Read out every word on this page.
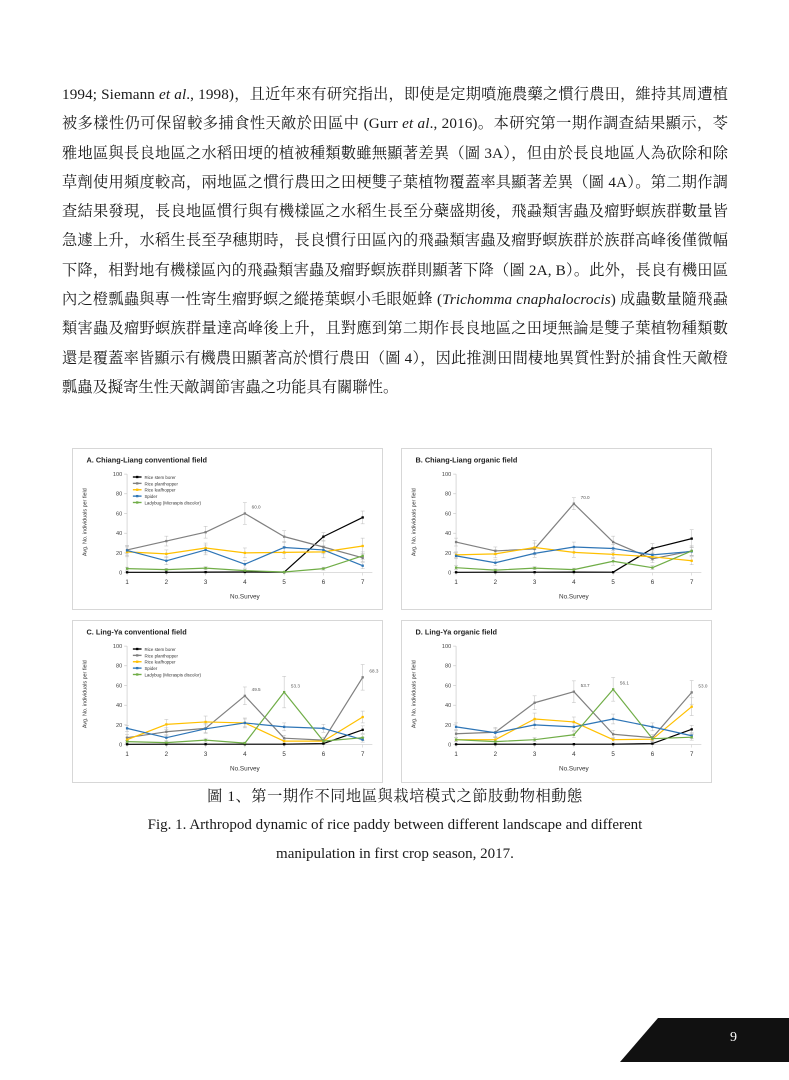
1994; Siemann et al., 1998)，且近年來有研究指出，即使是定期噴施農藥之慣行農田，維持其周遭植被多樣性仍可保留較多捕食性天敵於田區中 (Gurr et al., 2016)。本研究第一期作調查結果顯示，苓雅地區與長良地區之水稻田埂的植被種類數雖無顯著差異（圖 3A），但由於長良地區人為砍除和除草劑使用頻度較高，兩地區之慣行農田之田梗雙子葉植物覆蓋率具顯著差異（圖 4A）。第二期作調查結果發現，長良地區慣行與有機樣區之水稻生長至分蘗盛期後，飛蝨類害蟲及瘤野螟族群數量皆急遽上升，水稻生長至孕穗期時，長良慣行田區內的飛蝨類害蟲及瘤野螟族群於族群高峰後僅微幅下降，相對地有機樣區內的飛蝨類害蟲及瘤野螟族群則顯著下降（圖 2A, B）。此外，長良有機田區內之橙瓢蟲與專一性寄生瘤野螟之縱捲葉螟小毛眼姬蜂 (Trichomma cnaphalocrocis) 成蟲數量隨飛蝨類害蟲及瘤野螟族群量達高峰後上升，且對應到第二期作長良地區之田埂無論是雙子葉植物種類數還是覆蓋率皆顯示有機農田顯著高於慣行農田（圖 4），因此推測田間棲地異質性對於捕食性天敵橙瓢蟲及擬寄生性天敵調節害蟲之功能具有關聯性。

A. Chiang-Liang conventional field
Avg. No. individuals per field
0
20
40
60
80
100
1	2	3	4	5	6	7
No.Survey
60.0
Rice stem borer
Rice planthopper
Rice leafhopper
Spider
Ladybug (Micraspis discolor)
B. Chiang-Liang organic field
Avg. No. individuals per field
0
20
40
60
80
100
1	2	3	4	5	6	7
No.Survey
70.0
C. Ling-Ya conventional field
Avg. No. individuals per field
0
20
40
60
80
100
1	2	3	4	5	6	7
No.Survey
49.5
53.3
68.3
Rice stem borer
Rice planthopper
Rice leafhopper
Spider
Ladybug (Micraspis discolor)
D. Ling-Ya organic field
Avg. No. individuals per field
0
20
40
60
80
100
1	2	3	4	5	6	7
No.Survey
53.7	56.1
53.0
圖 1、第一期作不同地區與栽培模式之節肢動物相動態
Fig. 1. Arthropod dynamic of rice paddy between different landscape and different
manipulation in first crop season, 2017.
9
